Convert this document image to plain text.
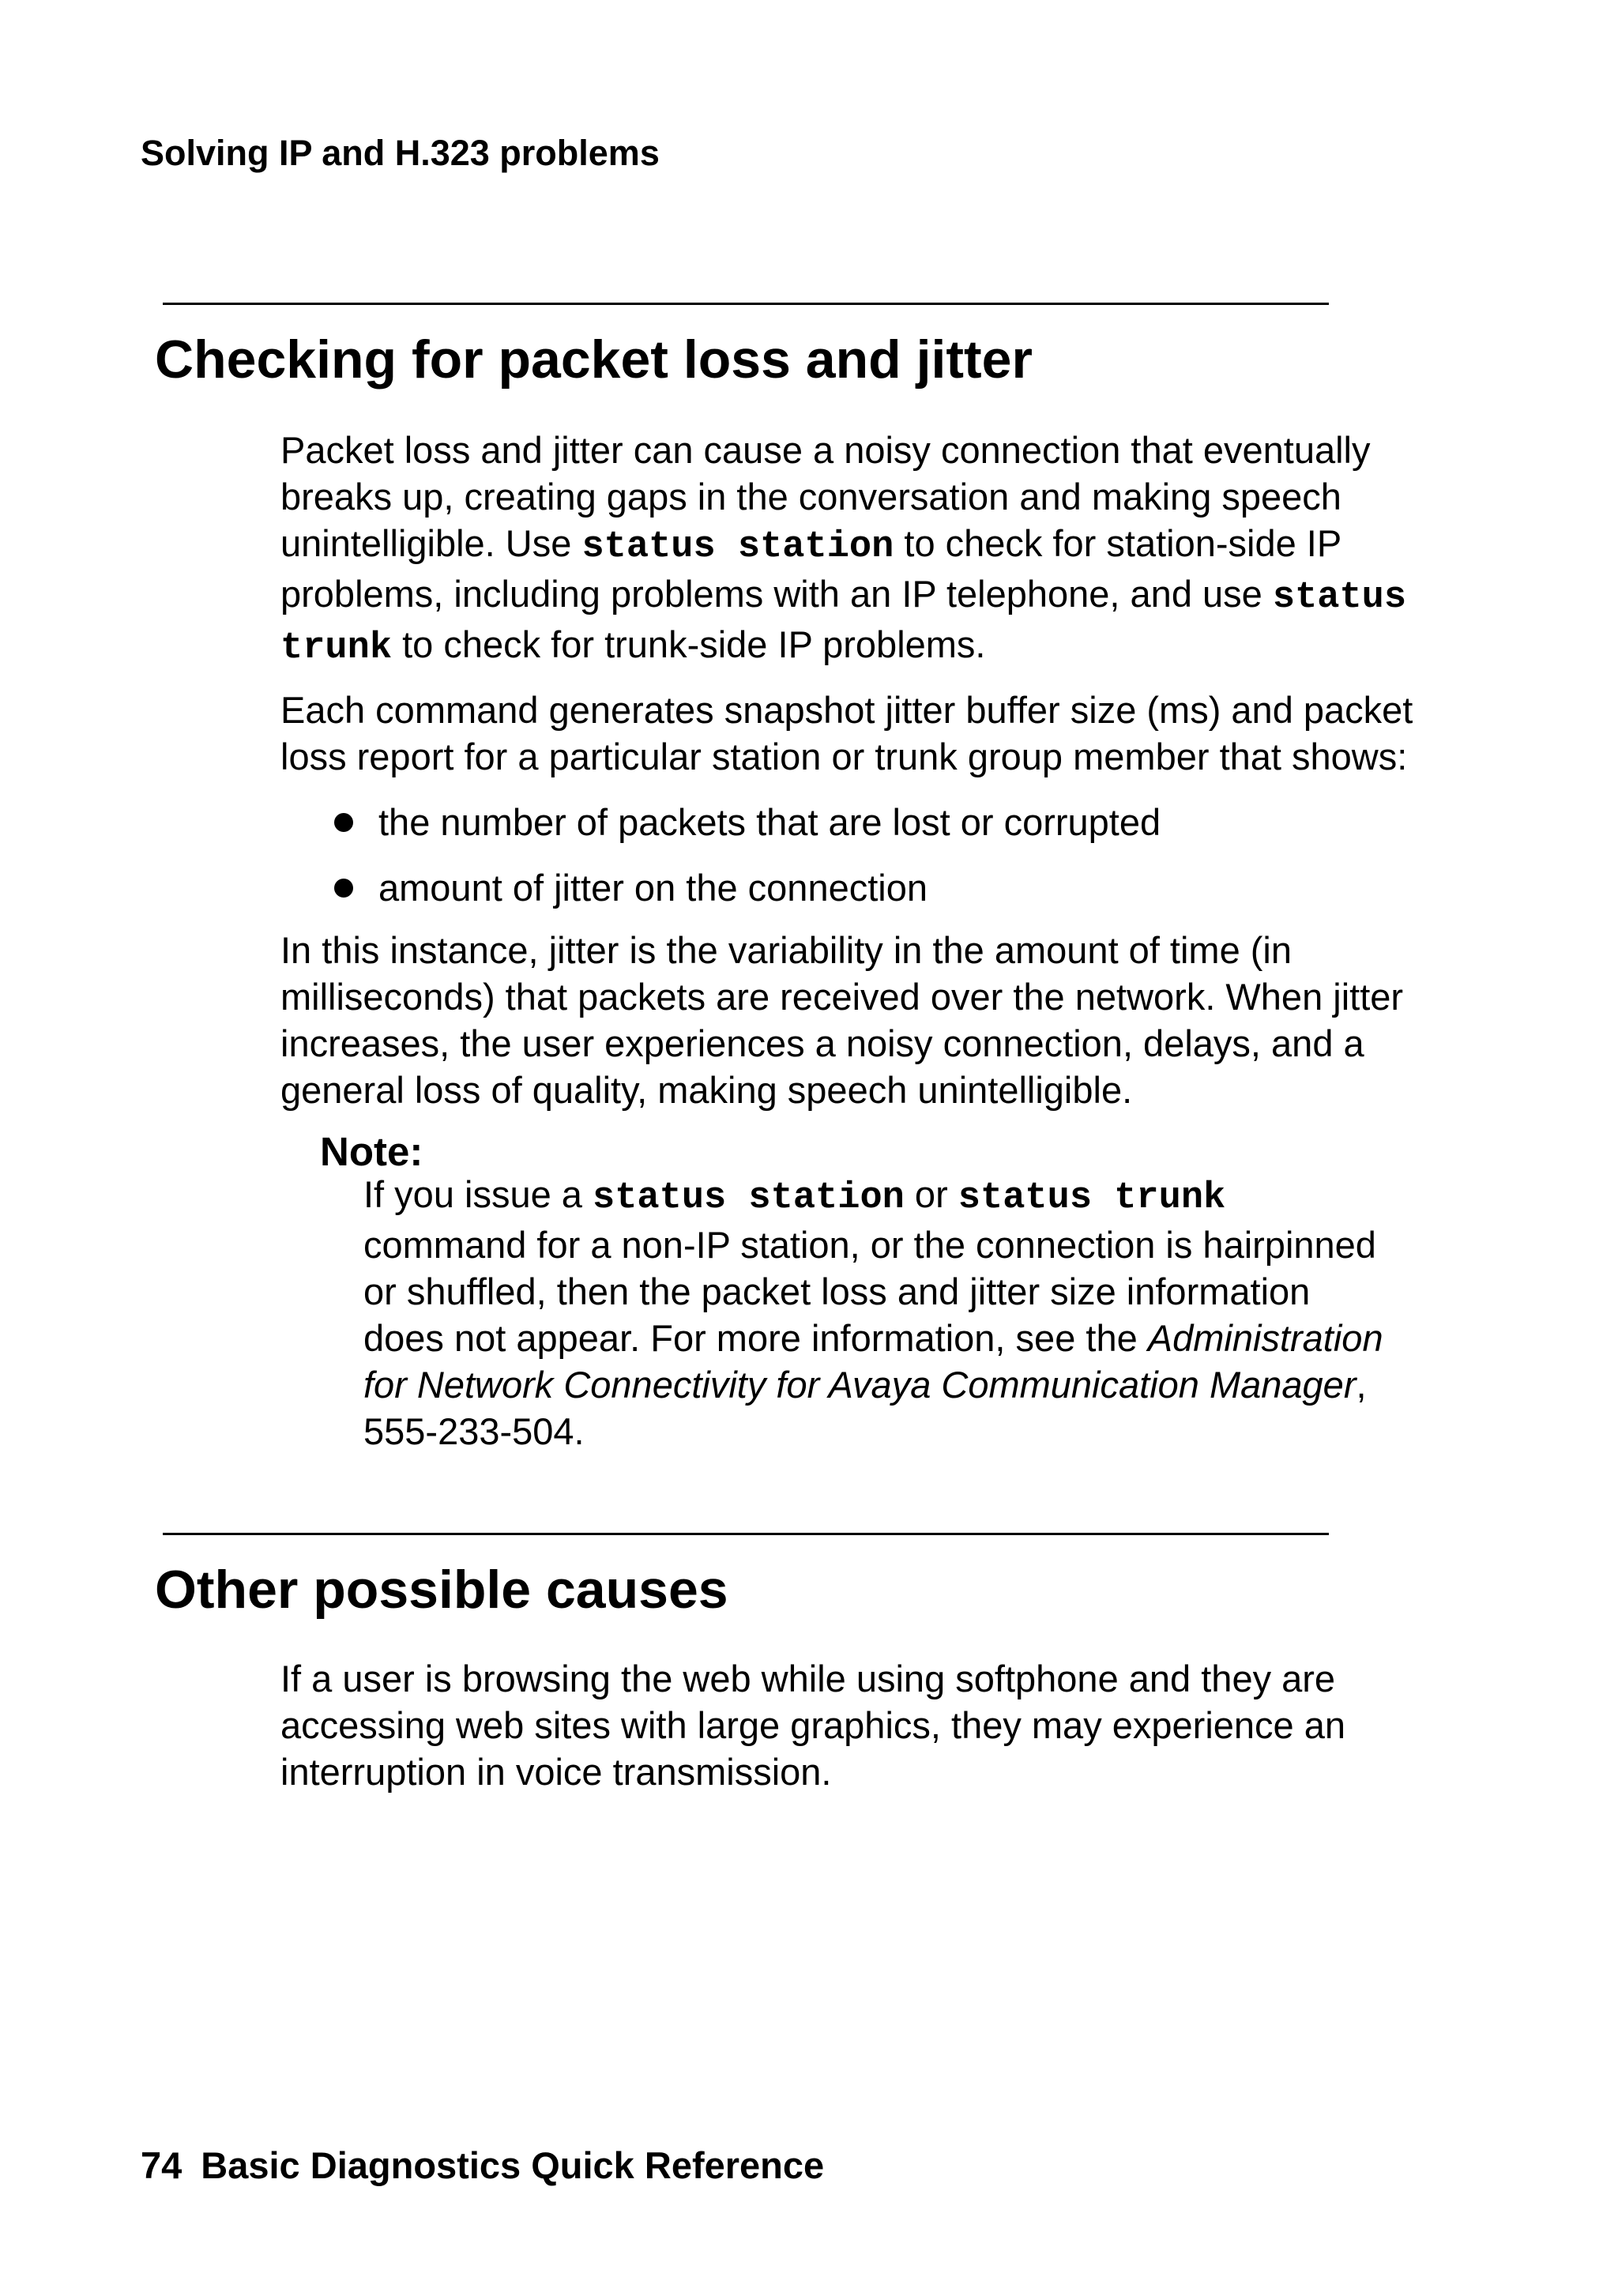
Solving IP and H.323 problems
Checking for packet loss and jitter

Packet loss and jitter can cause a noisy connection that eventually breaks up, creating gaps in the conversation and making speech unintelligible. Use status station to check for station-side IP problems, including problems with an IP telephone, and use status
trunk to check for trunk-side IP problems.

Each command generates snapshot jitter buffer size (ms) and packet loss report for a particular station or trunk group member that shows:

the number of packets that are lost or corrupted
amount of jitter on the connection

In this instance, jitter is the variability in the amount of time (in milliseconds) that packets are received over the network. When jitter increases, the user experiences a noisy connection, delays, and a general loss of quality, making speech unintelligible.

Note:

If you issue a status station or status trunk command for a non-IP station, or the connection is hairpinned or shuffled, then the packet loss and jitter size information does not appear. For more information, see the Administration for Network Connectivity for Avaya Communication Manager, 555-233-504.

Other possible causes

If a user is browsing the web while using softphone and they are accessing web sites with large graphics, they may experience an interruption in voice transmission.

74 Basic Diagnostics Quick Reference
